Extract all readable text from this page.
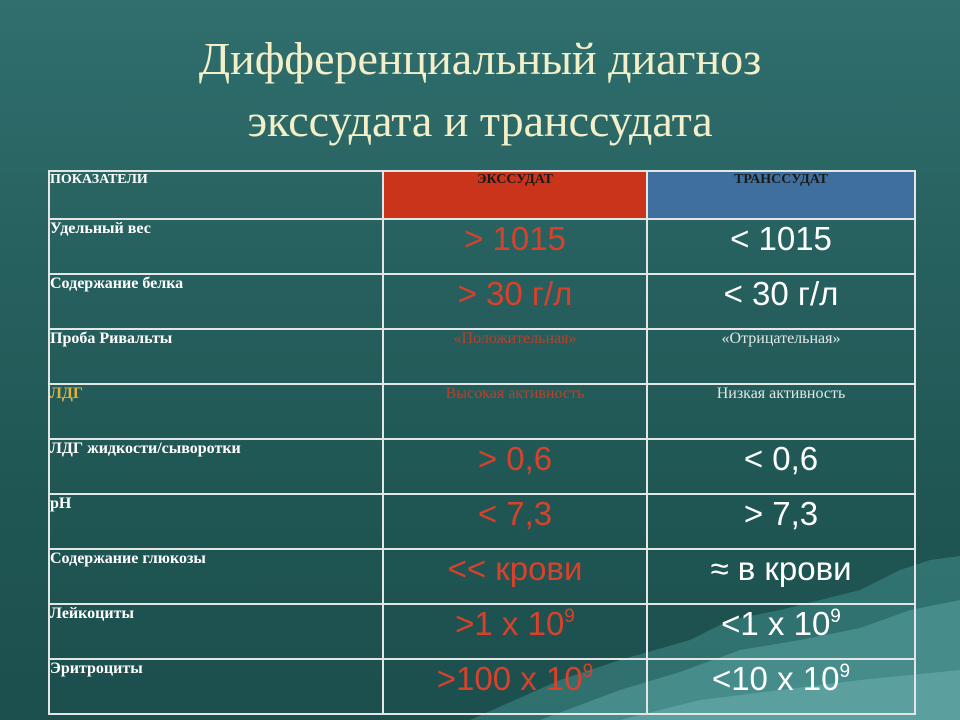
Дифференциальный диагноз
экссудата и транссудата
ПОКАЗАТЕЛИ	ЭКССУДАТ	ТРАНССУДАТ
Удельный вес	> 1015	< 1015
Содержание белка	> 30 г/л	< 30 г/л
Проба Ривальты	«Положительная»	«Отрицательная»
ЛДГ	Высокая активность	Низкая активность
ЛДГ жидкости/сыворотки	> 0,6	< 0,6
pH	< 7,3	> 7,3
Содержание глюкозы	<< крови	≈ в крови
Лейкоциты	>1 х $10^9$	<1 х $10^9$
Эритроциты	>100 х $10^9$	<10 х $10^9$
